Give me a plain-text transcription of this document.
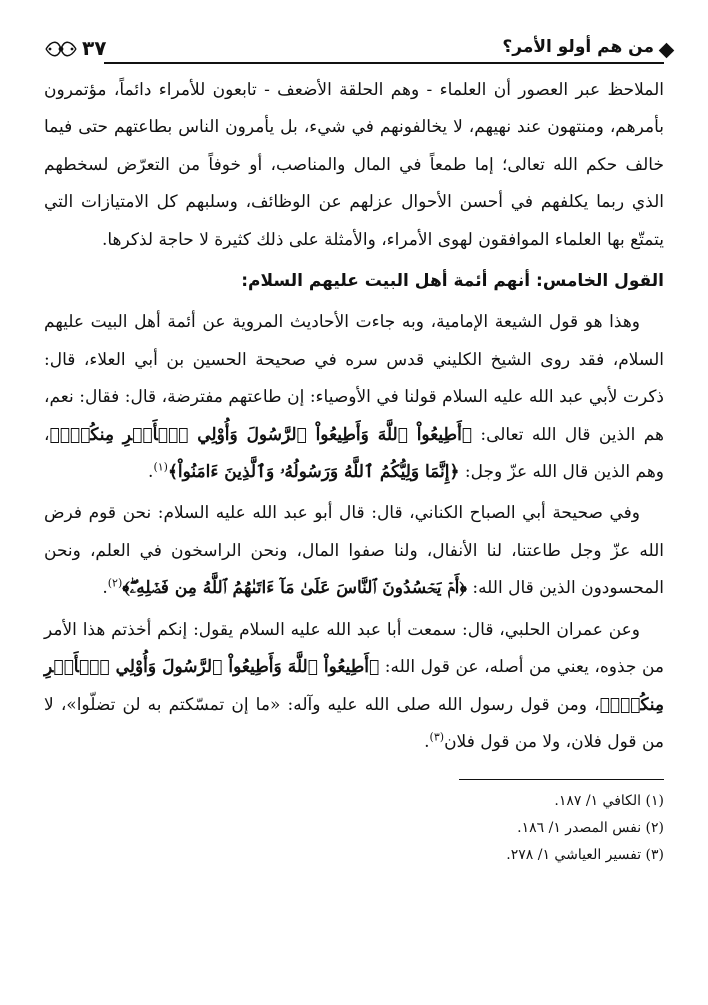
من هم أولو الأمر؟
٣٧

الملاحظ عبر العصور أن العلماء - وهم الحلقة الأضعف - تابعون للأمراء دائماً، مؤتمرون بأمرهم، ومنتهون عند نهيهم، لا يخالفونهم في شيء، بل يأمرون الناس بطاعتهم حتى فيما خالف حكم الله تعالى؛ إما طمعاً في المال والمناصب، أو خوفاً من التعرّض لسخطهم الذي ربما يكلفهم في أحسن الأحوال عزلهم عن الوظائف، وسلبهم كل الامتيازات التي يتمتّع بها العلماء الموافقون لهوى الأمراء، والأمثلة على ذلك كثيرة لا حاجة لذكرها.

القول الخامس: أنهم أئمة أهل البيت عليهم السلام:

وهذا هو قول الشيعة الإمامية، وبه جاءت الأحاديث المروية عن أئمة أهل البيت عليهم السلام، فقد روى الشيخ الكليني قدس سره في صحيحة الحسين بن أبي العلاء، قال: ذكرت لأبي عبد الله عليه السلام قولنا في الأوصياء: إن طاعتهم مفترضة، قال: فقال: نعم، هم الذين قال الله تعالى: ﴿أَطِيعُواْ ٱللَّهَ وَأَطِيعُواْ ٱلرَّسُولَ وَأُوْلِي ٱلۡأَمۡرِ مِنكُمۡۖ﴾، وهم الذين قال الله عزّ وجل: ﴿إِنَّمَا وَلِيُّكُمُ ٱللَّهُ وَرَسُولُهُۥ وَٱلَّذِينَ ءَامَنُواْ﴾$^{(١)}$.

وفي صحيحة أبي الصباح الكناني، قال: قال أبو عبد الله عليه السلام: نحن قوم فرض الله عزّ وجل طاعتنا، لنا الأنفال، ولنا صفوا المال، ونحن الراسخون في العلم، ونحن المحسودون الذين قال الله: ﴿أَمۡ يَحۡسُدُونَ ٱلنَّاسَ عَلَىٰ مَآ ءَاتَىٰهُمُ ٱللَّهُ مِن فَضۡلِهِۦۖ﴾$^{(٢)}$.

وعن عمران الحلبي، قال: سمعت أبا عبد الله عليه السلام يقول: إنكم أخذتم هذا الأمر من جذوه، يعني من أصله، عن قول الله: ﴿أَطِيعُواْ ٱللَّهَ وَأَطِيعُواْ ٱلرَّسُولَ وَأُوْلِي ٱلۡأَمۡرِ مِنكُمۡۖ﴾، ومن قول رسول الله صلى الله عليه وآله: «ما إن تمسّكتم به لن تضلّوا»، لا من قول فلان، ولا من قول فلان$^{(٣)}$.

(١) الكافي ١/ ١٨٧.
(٢) نفس المصدر ١/ ١٨٦.
(٣) تفسير العياشي ١/ ٢٧٨.
